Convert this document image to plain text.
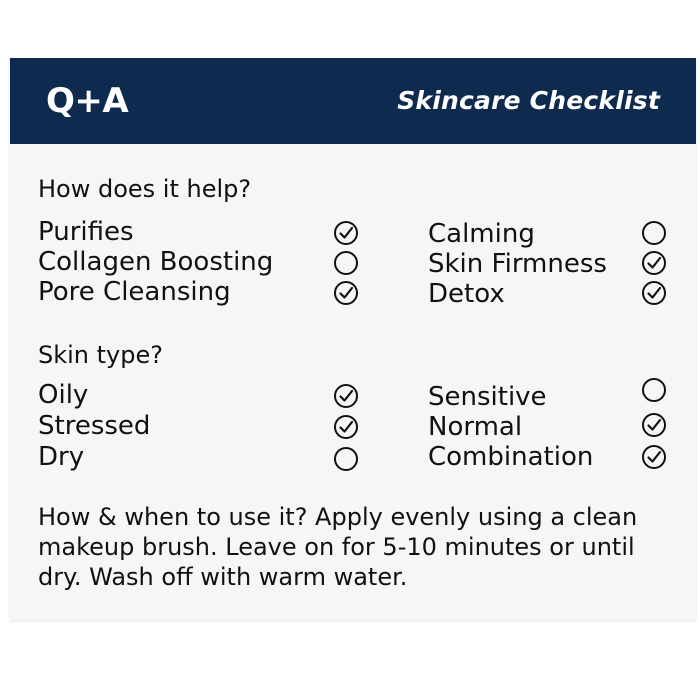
Q+A	Skincare Checklist
How does it help?
Purifies
Collagen Boosting
Pore Cleansing
Calming
Skin Firmness
Detox
Skin type?
Oily
Stressed
Dry
Sensitive
Normal
Combination
How & when to use it? Apply evenly using a clean makeup brush. Leave on for 5-10 minutes or until dry. Wash off with warm water.
